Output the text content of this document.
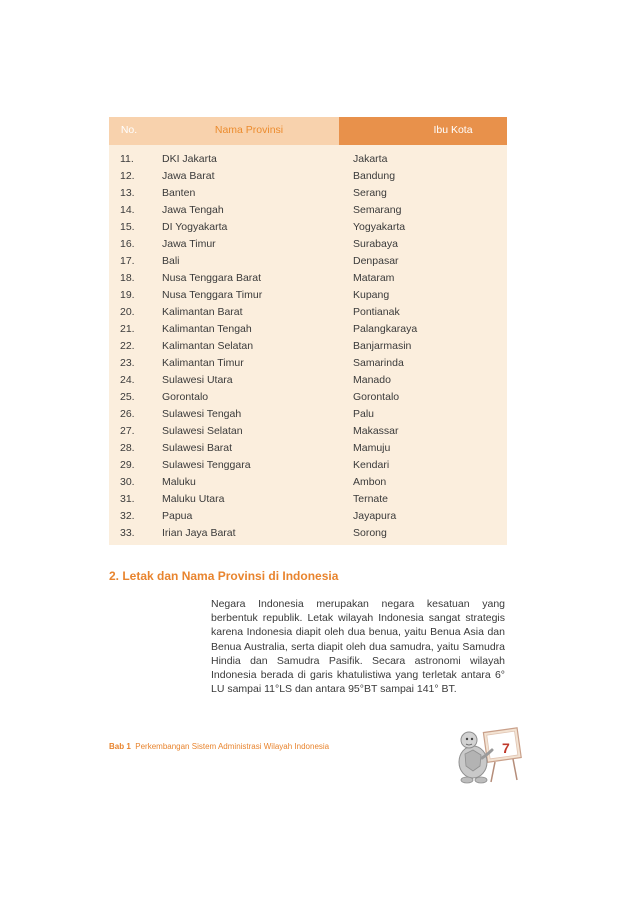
No.	Nama Provinsi	Ibu Kota
11.	DKI Jakarta	Jakarta
12.	Jawa Barat	Bandung
13.	Banten	Serang
14.	Jawa Tengah	Semarang
15.	DI Yogyakarta	Yogyakarta
16.	Jawa Timur	Surabaya
17.	Bali	Denpasar
18.	Nusa Tenggara Barat	Mataram
19.	Nusa Tenggara Timur	Kupang
20.	Kalimantan Barat	Pontianak
21.	Kalimantan Tengah	Palangkaraya
22.	Kalimantan Selatan	Banjarmasin
23.	Kalimantan Timur	Samarinda
24.	Sulawesi Utara	Manado
25.	Gorontalo	Gorontalo
26.	Sulawesi Tengah	Palu
27.	Sulawesi Selatan	Makassar
28.	Sulawesi Barat	Mamuju
29.	Sulawesi Tenggara	Kendari
30.	Maluku	Ambon
31.	Maluku Utara	Ternate
32.	Papua	Jayapura
33.	Irian Jaya Barat	Sorong
2. Letak dan Nama Provinsi di Indonesia

Negara Indonesia merupakan negara kesatuan yang berbentuk republik. Letak wilayah Indonesia sangat strategis karena Indonesia diapit oleh dua benua, yaitu Benua Asia dan Benua Australia, serta diapit oleh dua samudra, yaitu Samudra Hindia dan Samudra Pasifik. Secara astronomi wilayah Indonesia berada di garis khatulistiwa yang terletak antara 6° LU sampai 11°LS dan antara 95°BT sampai 141° BT.

Bab 1 Perkembangan Sistem Administrasi Wilayah Indonesia	7
